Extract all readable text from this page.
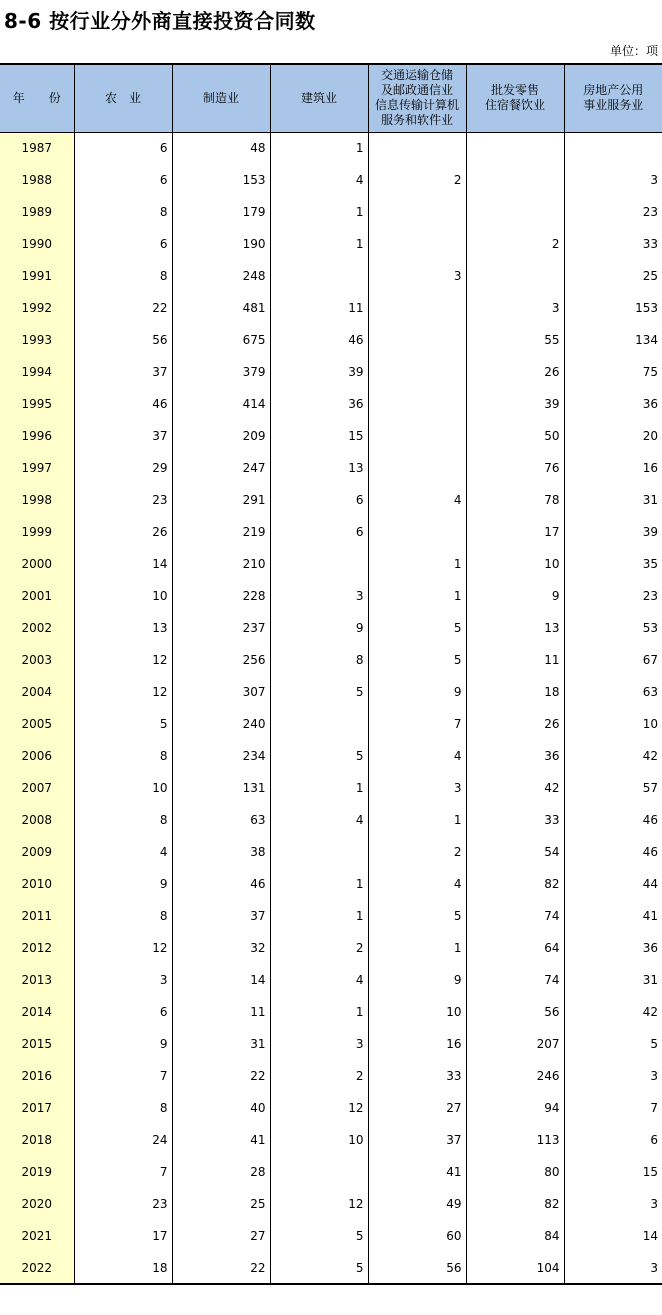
8-6 按行业分外商直接投资合同数
单位：项
年　　份	农　业	制造业	建筑业	交通运输仓储
及邮政通信业
信息传输计算机
服务和软件业	批发零售
住宿餐饮业	房地产公用
事业服务业

1987	6	48	1			
1988	6	153	4	2		3
1989	8	179	1			23
1990	6	190	1		2	33
1991	8	248		3		25
1992	22	481	11		3	153
1993	56	675	46		55	134
1994	37	379	39		26	75
1995	46	414	36		39	36
1996	37	209	15		50	20
1997	29	247	13		76	16
1998	23	291	6	4	78	31
1999	26	219	6		17	39
2000	14	210		1	10	35
2001	10	228	3	1	9	23
2002	13	237	9	5	13	53
2003	12	256	8	5	11	67
2004	12	307	5	9	18	63
2005	5	240		7	26	10
2006	8	234	5	4	36	42
2007	10	131	1	3	42	57
2008	8	63	4	1	33	46
2009	4	38		2	54	46
2010	9	46	1	4	82	44
2011	8	37	1	5	74	41
2012	12	32	2	1	64	36
2013	3	14	4	9	74	31
2014	6	11	1	10	56	42
2015	9	31	3	16	207	5
2016	7	22	2	33	246	3
2017	8	40	12	27	94	7
2018	24	41	10	37	113	6
2019	7	28		41	80	15
2020	23	25	12	49	82	3
2021	17	27	5	60	84	14
2022	18	22	5	56	104	3
